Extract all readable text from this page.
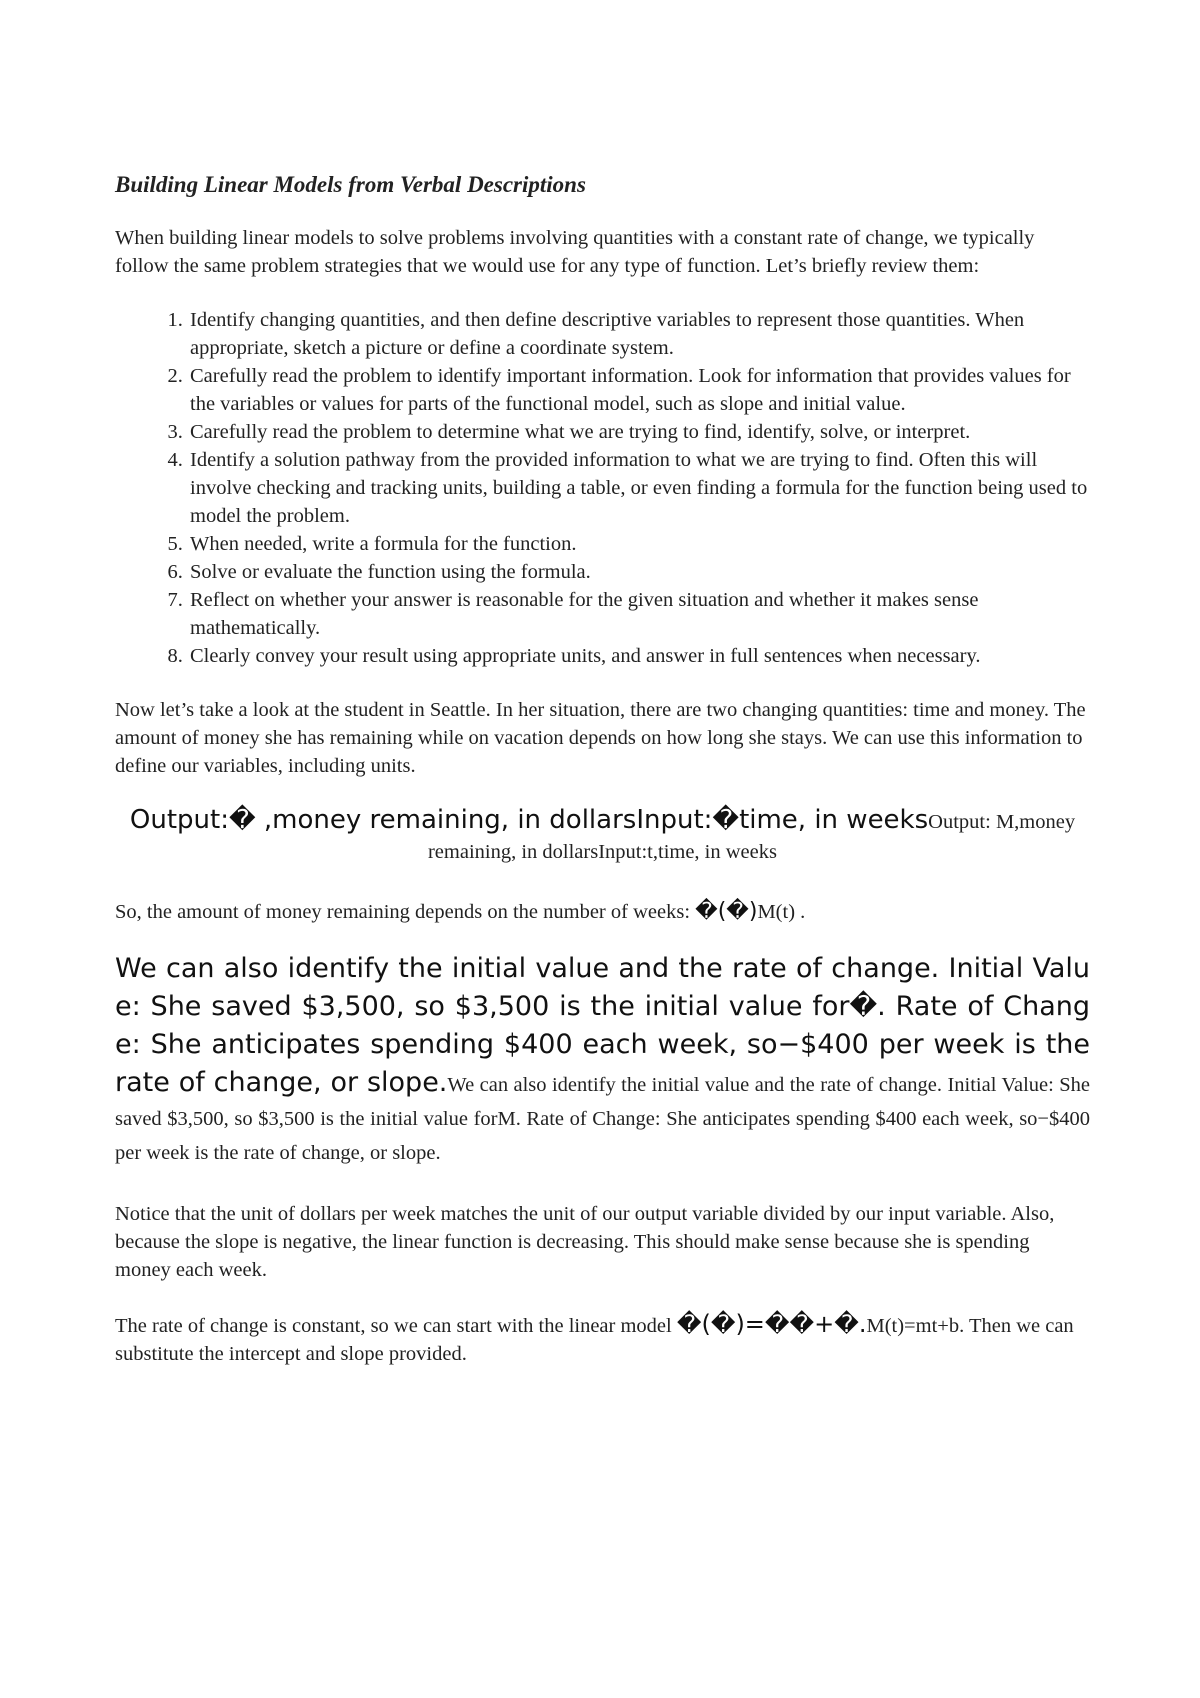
Building Linear Models from Verbal Descriptions

When building linear models to solve problems involving quantities with a constant rate of change, we typically follow the same problem strategies that we would use for any type of function. Let’s briefly review them:

1. Identify changing quantities, and then define descriptive variables to represent those quantities. When appropriate, sketch a picture or define a coordinate system.
2. Carefully read the problem to identify important information. Look for information that provides values for the variables or values for parts of the functional model, such as slope and initial value.
3. Carefully read the problem to determine what we are trying to find, identify, solve, or interpret.
4. Identify a solution pathway from the provided information to what we are trying to find. Often this will involve checking and tracking units, building a table, or even finding a formula for the function being used to model the problem.
5. When needed, write a formula for the function.
6. Solve or evaluate the function using the formula.
7. Reflect on whether your answer is reasonable for the given situation and whether it makes sense mathematically.
8. Clearly convey your result using appropriate units, and answer in full sentences when necessary.

Now let’s take a look at the student in Seattle. In her situation, there are two changing quantities: time and money. The amount of money she has remaining while on vacation depends on how long she stays. We can use this information to define our variables, including units.

Output:� ,money remaining, in dollarsInput:�time, in weeksOutput: M,money remaining, in dollarsInput:t,time, in weeks

So, the amount of money remaining depends on the number of weeks: �(�)M(t) .

We can also identify the initial value and the rate of change. Initial Value: She saved $3,500, so $3,500 is the initial value for�. Rate of Change: She anticipates spending $400 each week, so−$400 per week is the rate of change, or slope.We can also identify the initial value and the rate of change. Initial Value: She saved $3,500, so $3,500 is the initial value forM. Rate of Change: She anticipates spending $400 each week, so−$400 per week is the rate of change, or slope.

Notice that the unit of dollars per week matches the unit of our output variable divided by our input variable. Also, because the slope is negative, the linear function is decreasing. This should make sense because she is spending money each week.

The rate of change is constant, so we can start with the linear model �(�)=��+�.M(t)=mt+b. Then we can substitute the intercept and slope provided.
